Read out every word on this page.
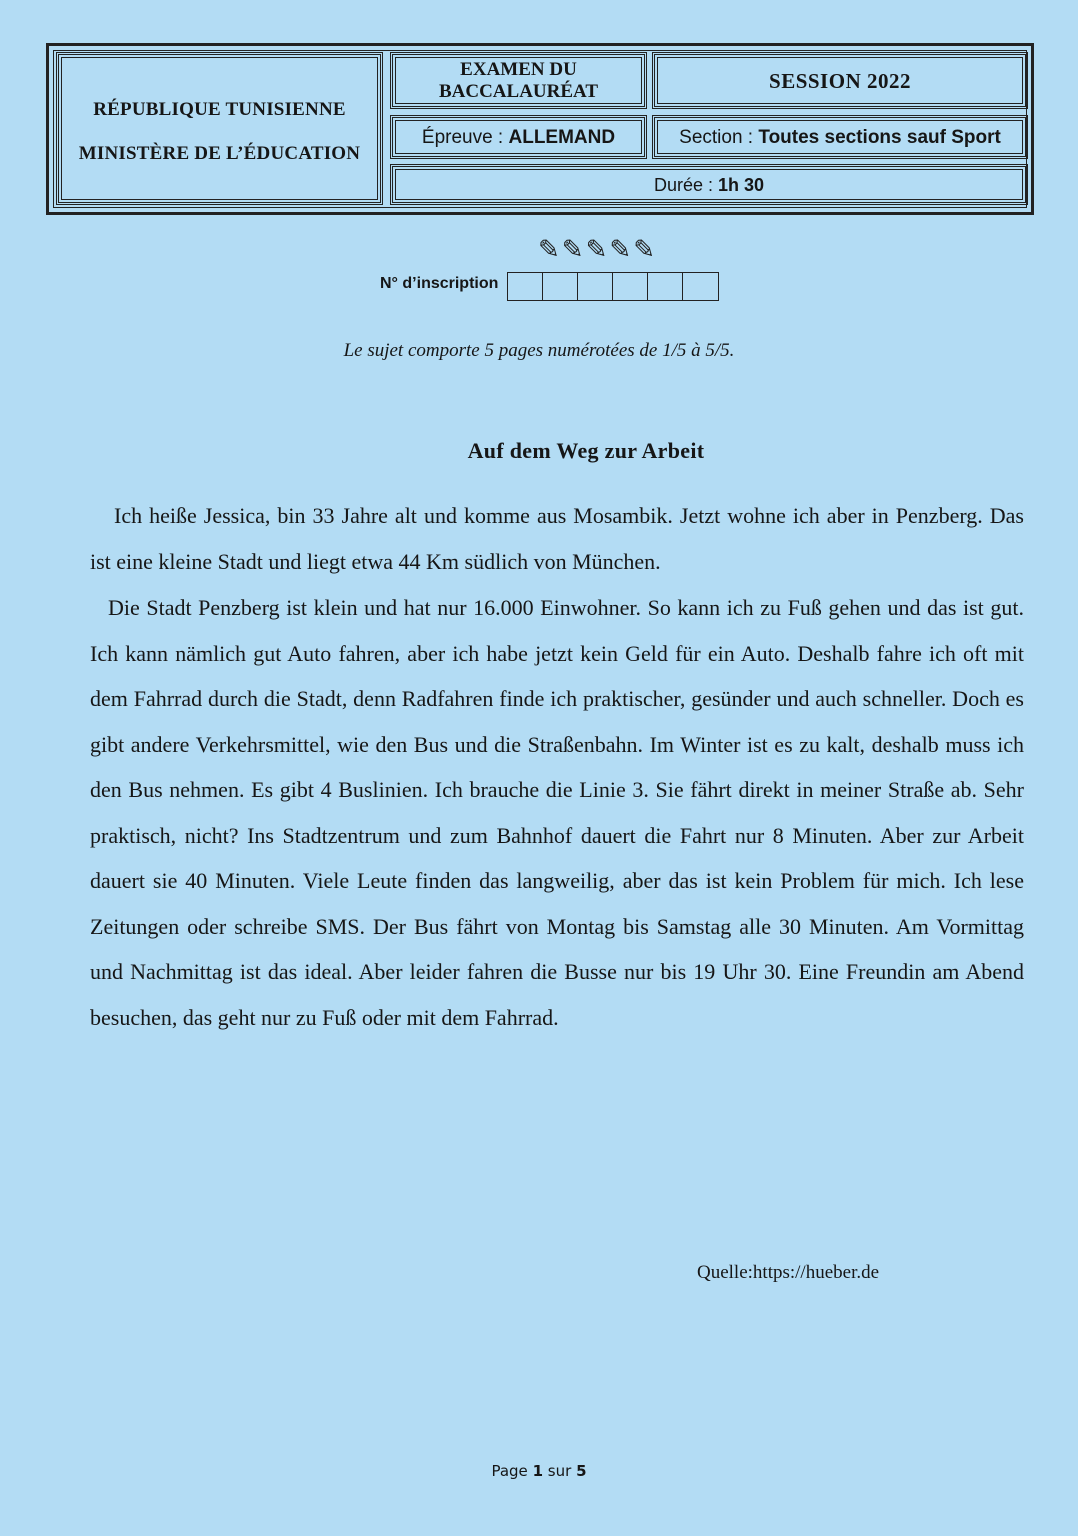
RÉPUBLIQUE TUNISIENNE
MINISTÈRE DE L’ÉDUCATION
EXAMEN DU
BACCALAURÉAT	SESSION 2022
Épreuve : ALLEMAND	Section : Toutes sections sauf Sport
Durée : 1h 30
✎ ✎ ✎ ✎ ✎
N° d’inscription
Le sujet comporte 5 pages numérotées de 1/5 à 5/5.
Auf dem Weg zur Arbeit
Ich heiße Jessica, bin 33 Jahre alt und komme aus Mosambik. Jetzt wohne ich aber in Penzberg. Das ist eine kleine Stadt und liegt etwa 44 Km südlich von München.
Die Stadt Penzberg ist klein und hat nur 16.000 Einwohner. So kann ich zu Fuß gehen und das ist gut. Ich kann nämlich gut Auto fahren, aber ich habe jetzt kein Geld für ein Auto. Deshalb fahre ich oft mit dem Fahrrad durch die Stadt, denn Radfahren finde ich praktischer, gesünder und auch schneller. Doch es gibt andere Verkehrsmittel, wie den Bus und die Straßenbahn. Im Winter ist es zu kalt, deshalb muss ich den Bus nehmen. Es gibt 4 Buslinien. Ich brauche die Linie 3. Sie fährt direkt in meiner Straße ab. Sehr praktisch, nicht? Ins Stadtzentrum und zum Bahnhof dauert die Fahrt nur 8 Minuten. Aber zur Arbeit dauert sie 40 Minuten. Viele Leute finden das langweilig, aber das ist kein Problem für mich. Ich lese Zeitungen oder schreibe SMS. Der Bus fährt von Montag bis Samstag alle 30 Minuten. Am Vormittag und Nachmittag ist das ideal. Aber leider fahren die Busse nur bis 19 Uhr 30. Eine Freundin am Abend besuchen, das geht nur zu Fuß oder mit dem Fahrrad.
Quelle:https://hueber.de
Page 1 sur 5
